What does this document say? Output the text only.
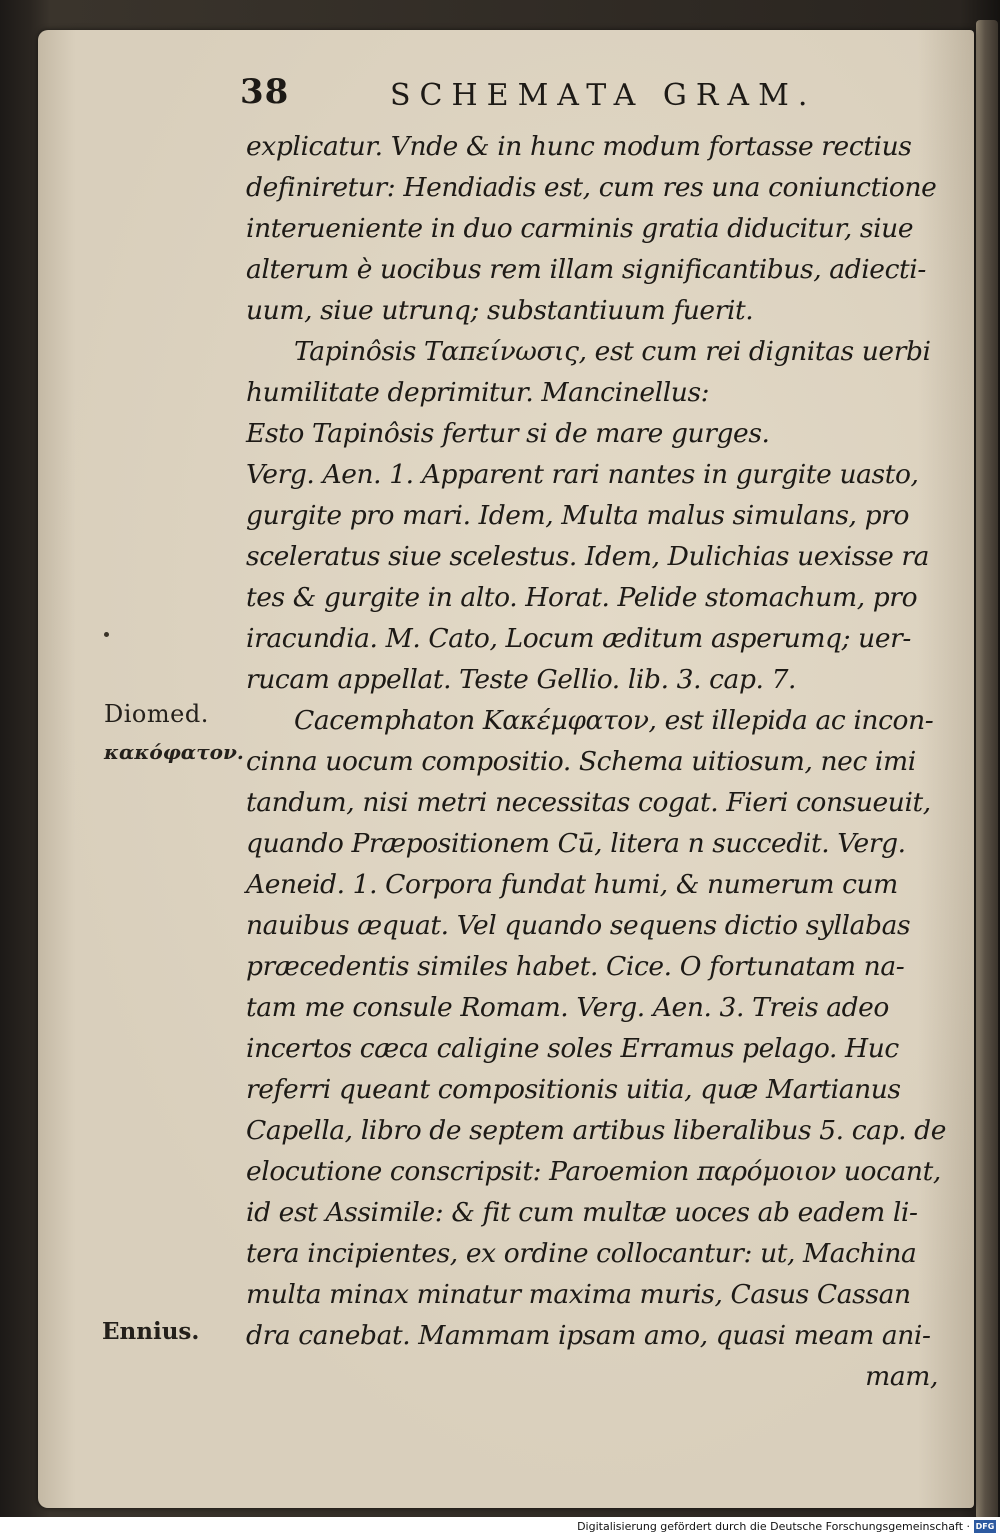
38	SCHEMATA GRAM.
Diomed.
κακόφατον.
Ennius.
explicatur. Vnde & in hunc modum fortasse rectius
definiretur: Hendiadis est, cum res una coniunctione
interueniente in duo carminis gratia diducitur, siue
alterum è uocibus rem illam significantibus, adiecti-
uum, siue utrunq; substantiuum fuerit.
Tapinôsis Ταπείνωσις, est cum rei dignitas uerbi
humilitate deprimitur. Mancinellus:
Esto Tapinôsis fertur si de mare gurges.
Verg. Aen. 1. Apparent rari nantes in gurgite uasto,
gurgite pro mari. Idem, Multa malus simulans, pro
sceleratus siue scelestus. Idem, Dulichias uexisse ra
tes & gurgite in alto. Horat. Pelide stomachum, pro
iracundia. M. Cato, Locum æditum asperumq; uer-
rucam appellat. Teste Gellio. lib. 3. cap. 7.
Cacemphaton Κακέμφατον, est illepida ac incon-
cinna uocum compositio. Schema uitiosum, nec imi
tandum, nisi metri necessitas cogat. Fieri consueuit,
quando Præpositionem Cū, litera n succedit. Verg.
Aeneid. 1. Corpora fundat humi, & numerum cum
nauibus æquat. Vel quando sequens dictio syllabas
præcedentis similes habet. Cice. O fortunatam na-
tam me consule Romam. Verg. Aen. 3. Treis adeo
incertos cæca caligine soles Erramus pelago. Huc
referri queant compositionis uitia, quæ Martianus
Capella, libro de septem artibus liberalibus 5. cap. de
elocutione conscripsit: Paroemion παρόμοιον uocant,
id est Assimile: & fit cum multæ uoces ab eadem li-
tera incipientes, ex ordine collocantur: ut, Machina
multa minax minatur maxima muris, Casus Cassan
dra canebat. Mammam ipsam amo, quasi meam ani-
mam,
Digitalisierung gefördert durch die Deutsche Forschungsgemeinschaft · DFG
